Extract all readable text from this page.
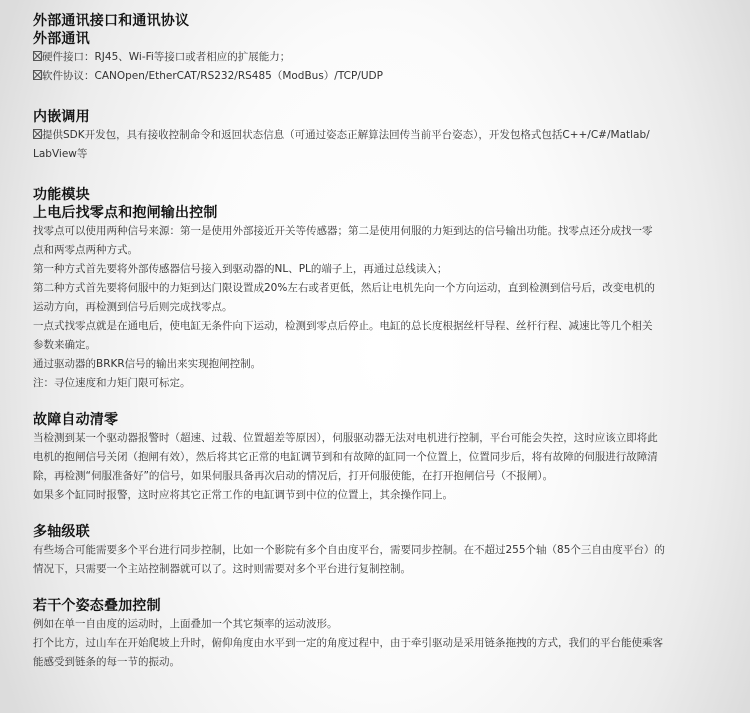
外部通讯接口和通讯协议
外部通讯

硬件接口：RJ45、Wi-Fi等接口或者相应的扩展能力；

软件协议：CANOpen/EtherCAT/RS232/RS485（ModBus）/TCP/UDP

内嵌调用

提供SDK开发包，具有接收控制命令和返回状态信息（可通过姿态正解算法回传当前平台姿态），开发包格式包括C++/C#/Matlab/

LabView等

功能模块
上电后找零点和抱闸输出控制

找零点可以使用两种信号来源：第一是使用外部接近开关等传感器；第二是使用伺服的力矩到达的信号输出功能。找零点还分成找一零

点和两零点两种方式。

第一种方式首先要将外部传感器信号接入到驱动器的NL、PL的端子上，再通过总线读入；

第二种方式首先要将伺服中的力矩到达门限设置成20%左右或者更低，然后让电机先向一个方向运动，直到检测到信号后，改变电机的

运动方向，再检测到信号后则完成找零点。

一点式找零点就是在通电后，使电缸无条件向下运动，检测到零点后停止。电缸的总长度根据丝杆导程、丝杆行程、减速比等几个相关

参数来确定。

通过驱动器的BRKR信号的输出来实现抱闸控制。

注：寻位速度和力矩门限可标定。

故障自动清零

当检测到某一个驱动器报警时（超速、过载、位置超差等原因），伺服驱动器无法对电机进行控制，平台可能会失控，这时应该立即将此

电机的抱闸信号关闭（抱闸有效），然后将其它正常的电缸调节到和有故障的缸同一个位置上，位置同步后，将有故障的伺服进行故障清

除，再检测“伺服准备好”的信号，如果伺服具备再次启动的情况后，打开伺服使能，在打开抱闸信号（不报闸）。

如果多个缸同时报警，这时应将其它正常工作的电缸调节到中位的位置上，其余操作同上。

多轴级联

有些场合可能需要多个平台进行同步控制，比如一个影院有多个自由度平台，需要同步控制。在不超过255个轴（85个三自由度平台）的

情况下，只需要一个主站控制器就可以了。这时则需要对多个平台进行复制控制。

若干个姿态叠加控制

例如在单一自由度的运动时，上面叠加一个其它频率的运动波形。

打个比方，过山车在开始爬坡上升时，俯仰角度由水平到一定的角度过程中，由于牵引驱动是采用链条拖拽的方式，我们的平台能使乘客

能感受到链条的每一节的振动。
